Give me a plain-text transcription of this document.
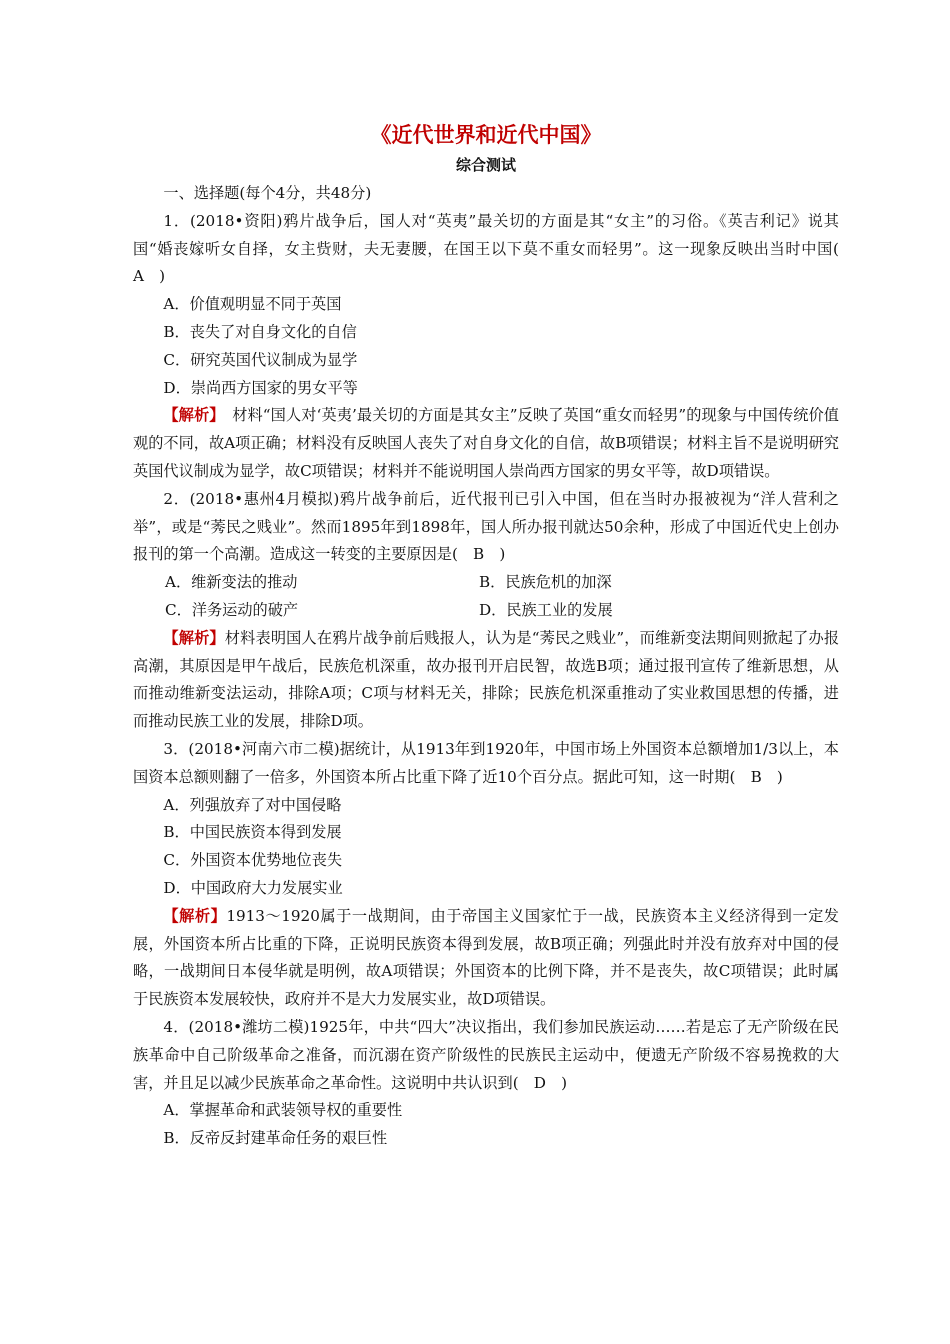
《近代世界和近代中国》
综合测试

一、选择题(每个4分，共48分)

1．(2018•资阳)鸦片战争后，国人对“英夷”最关切的方面是其“女主”的习俗。《英吉利记》说其国“婚丧嫁听女自择，女主赀财，夫无妻腰，在国王以下莫不重女而轻男”。这一现象反映出当时中国(　A　)

A．价值观明显不同于英国

B．丧失了对自身文化的自信

C．研究英国代议制成为显学

D．崇尚西方国家的男女平等

【解析】　材料“国人对‘英夷’最关切的方面是其女主”反映了英国“重女而轻男”的现象与中国传统价值观的不同，故A项正确；材料没有反映国人丧失了对自身文化的自信，故B项错误；材料主旨不是说明研究英国代议制成为显学，故C项错误；材料并不能说明国人崇尚西方国家的男女平等，故D项错误。

2．(2018•惠州4月模拟)鸦片战争前后，近代报刊已引入中国，但在当时办报被视为“洋人营利之举”，或是“莠民之贱业”。然而1895年到1898年，国人所办报刊就达50余种，形成了中国近代史上创办报刊的第一个高潮。造成这一转变的主要原因是(　B　)

A．维新变法的推动	B．民族危机的加深

C．洋务运动的破产	D．民族工业的发展

【解析】材料表明国人在鸦片战争前后贱报人，认为是“莠民之贱业”，而维新变法期间则掀起了办报高潮，其原因是甲午战后，民族危机深重，故办报刊开启民智，故选B项；通过报刊宣传了维新思想，从而推动维新变法运动，排除A项；C项与材料无关，排除；民族危机深重推动了实业救国思想的传播，进而推动民族工业的发展，排除D项。

3．(2018•河南六市二模)据统计，从1913年到1920年，中国市场上外国资本总额增加1/3以上，本国资本总额则翻了一倍多，外国资本所占比重下降了近10个百分点。据此可知，这一时期(　B　)

A．列强放弃了对中国侵略

B．中国民族资本得到发展

C．外国资本优势地位丧失

D．中国政府大力发展实业

【解析】1913～1920属于一战期间，由于帝国主义国家忙于一战，民族资本主义经济得到一定发展，外国资本所占比重的下降，正说明民族资本得到发展，故B项正确；列强此时并没有放弃对中国的侵略，一战期间日本侵华就是明例，故A项错误；外国资本的比例下降，并不是丧失，故C项错误；此时属于民族资本发展较快，政府并不是大力发展实业，故D项错误。

4．(2018•潍坊二模)1925年，中共“四大”决议指出，我们参加民族运动……若是忘了无产阶级在民族革命中自己阶级革命之准备，而沉溺在资产阶级性的民族民主运动中，便遗无产阶级不容易挽救的大害，并且足以减少民族革命之革命性。这说明中共认识到(　D　)

A．掌握革命和武装领导权的重要性

B．反帝反封建革命任务的艰巨性
